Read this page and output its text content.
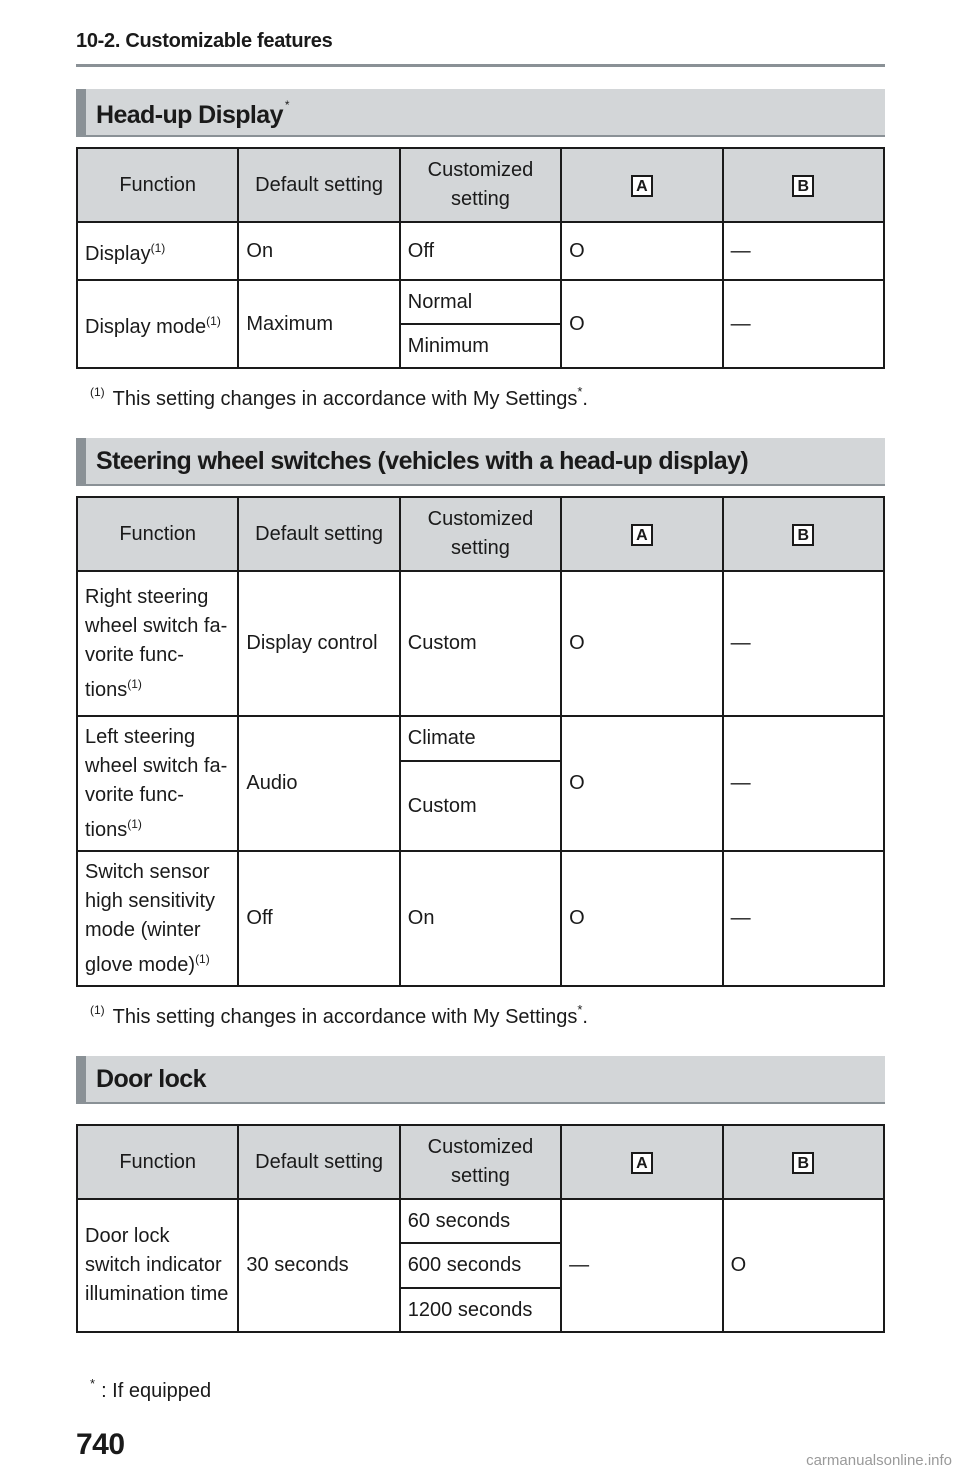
10-2. Customizable features
Head-up Display *
Function	Default setting	Customized setting	A	B
Display$^{(1)}$	On	Off	O	—
Display mode$^{(1)}$	Maximum	Normal	O	—
		Minimum		
$^{(1)}$ This setting changes in accordance with My Settings*.
Steering wheel switches (vehicles with a head-up display)
Function	Default setting	Customized setting	A	B
Right steering wheel switch fa-vorite func-tions$^{(1)}$	Display control	Custom	O	—
Left steering wheel switch fa-vorite func-tions$^{(1)}$	Audio	Climate	O	—
		Custom		
Switch sensor high sensitivity mode (winter glove mode)$^{(1)}$	Off	On	O	—
$^{(1)}$ This setting changes in accordance with My Settings*.
Door lock
Function	Default setting	Customized setting	A	B
Door lock switch indicator illumination time	30 seconds	60 seconds	—	O
		600 seconds		
		1200 seconds		
* : If equipped
740	carmanualsonline.info
